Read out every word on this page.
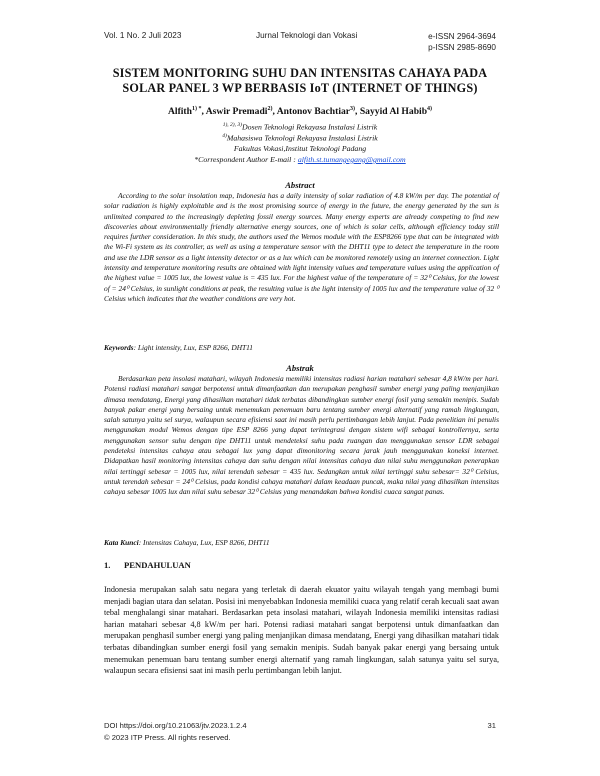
Vol. 1 No. 2 Juli 2023	Jurnal Teknologi dan Vokasi	e-ISSN 2964-3694
p-ISSN 2985-8690
SISTEM MONITORING SUHU DAN INTENSITAS CAHAYA PADA
SOLAR PANEL 3 WP BERBASIS IoT (INTERNET OF THINGS)
Alfith$^{1) *}$, Aswir Premadi$^{2)}$, Antonov Bachtiar$^{3)}$, Sayyid Al Habib$^{4)}$
$^{1), 2), 3)}$Dosen Teknologi Rekayasa Instalasi Listrik
$^{4)}$Mahasiswa Teknologi Rekayasa Instalasi Listrik
Fakultas Vokasi,Institut Teknologi Padang
*Correspondent Author E-mail : alfith.st.tumangegang@gmail.com
Abstract

According to the solar insolation map, Indonesia has a daily intensity of solar radiation of 4.8 kW/m per day. The potential of solar radiation is highly exploitable and is the most promising source of energy in the future, the energy generated by the sun is unlimited compared to the increasingly depleting fossil energy sources. Many energy experts are already competing to find new discoveries about environmentally friendly alternative energy sources, one of which is solar cells, although efficiency today still requires further consideration. In this study, the authors used the Wemos module with the ESP8266 type that can be integrated with the Wi-Fi system as its controller, as well as using a temperature sensor with the DHT11 type to detect the temperature in the room and use the LDR sensor as a light intensity detector or as a lux which can be monitored remotely using an internet connection. Light intensity and temperature monitoring results are obtained with light intensity values and temperature values using the application of the highest value = 1005 lux, the lowest value is = 435 lux. For the highest value of the temperature of = 32⁰ Celsius, for the lowest of = 24⁰ Celsius, in sunlight conditions at peak, the resulting value is the light intensity of 1005 lux and the temperature value of 32 ⁰ Celsius which indicates that the weather conditions are very hot.

Keywords: Light intensity, Lux, ESP 8266, DHT11
Abstrak

Berdasarkan peta insolasi matahari, wilayah Indonesia memiliki intensitas radiasi harian matahari sebesar 4,8 kW/m per hari. Potensi radiasi matahari sangat berpotensi untuk dimanfaatkan dan merupakan penghasil sumber energi yang paling menjanjikan dimasa mendatang, Energi yang dihasilkan matahari tidak terbatas dibandingkan sumber energi fosil yang semakin menipis. Sudah banyak pakar energi yang bersaing untuk menemukan penemuan baru tentang sumber energi alternatif yang ramah lingkungan, salah satunya yaitu sel surya, walaupun secara efisiensi saat ini masih perlu pertimbangan lebih lanjut. Pada penelitian ini penulis menggunakan modul Wemos dengan tipe ESP 8266 yang dapat terintegrasi dengan sistem wifi sebagai kontrollernya, serta menggunakan sensor suhu dengan tipe DHT11 untuk mendeteksi suhu pada ruangan dan menggunakan sensor LDR sebagai pendeteksi intensitas cahaya atau sebagai lux yang dapat dimonitoring secara jarak jauh menggunakan koneksi internet. Didapatkan hasil monitoring intensitas cahaya dan suhu dengan nilai intensitas cahaya dan nilai suhu menggunakan penerapkan nilai tertinggi sebesar = 1005 lux, nilai terendah sebesar = 435 lux. Sedangkan untuk nilai tertinggi suhu sebesar= 32⁰ Celsius, untuk terendah sebesar = 24⁰ Celsius, pada kondisi cahaya matahari dalam keadaan puncak, maka nilai yang dihasilkan intensitas cahaya sebesar 1005 lux dan nilai suhu sebesar 32⁰ Celsius yang menandakan bahwa kondisi cuaca sangat panas.

Kata Kunci: Intensitas Cahaya, Lux, ESP 8266, DHT11
1. PENDAHULUAN

Indonesia merupakan salah satu negara yang terletak di daerah ekuator yaitu wilayah tengah yang membagi bumi menjadi bagian utara dan selatan. Posisi ini menyebabkan Indonesia memiliki cuaca yang relatif cerah kecuali saat awan tebal menghalangi sinar matahari. Berdasarkan peta insolasi matahari, wilayah Indonesia memiliki intensitas radiasi harian matahari sebesar 4,8 kW/m per hari. Potensi radiasi matahari sangat berpotensi untuk dimanfaatkan dan merupakan penghasil sumber energi yang paling menjanjikan dimasa mendatang, Energi yang dihasilkan matahari tidak terbatas dibandingkan sumber energi fosil yang semakin menipis. Sudah banyak pakar energi yang bersaing untuk menemukan penemuan baru tentang sumber energi alternatif yang ramah lingkungan, salah satunya yaitu sel surya, walaupun secara efisiensi saat ini masih perlu pertimbangan lebih lanjut.

DOI https://doi.org/10.21063/jtv.2023.1.2.4
© 2023 ITP Press. All rights reserved.
31
